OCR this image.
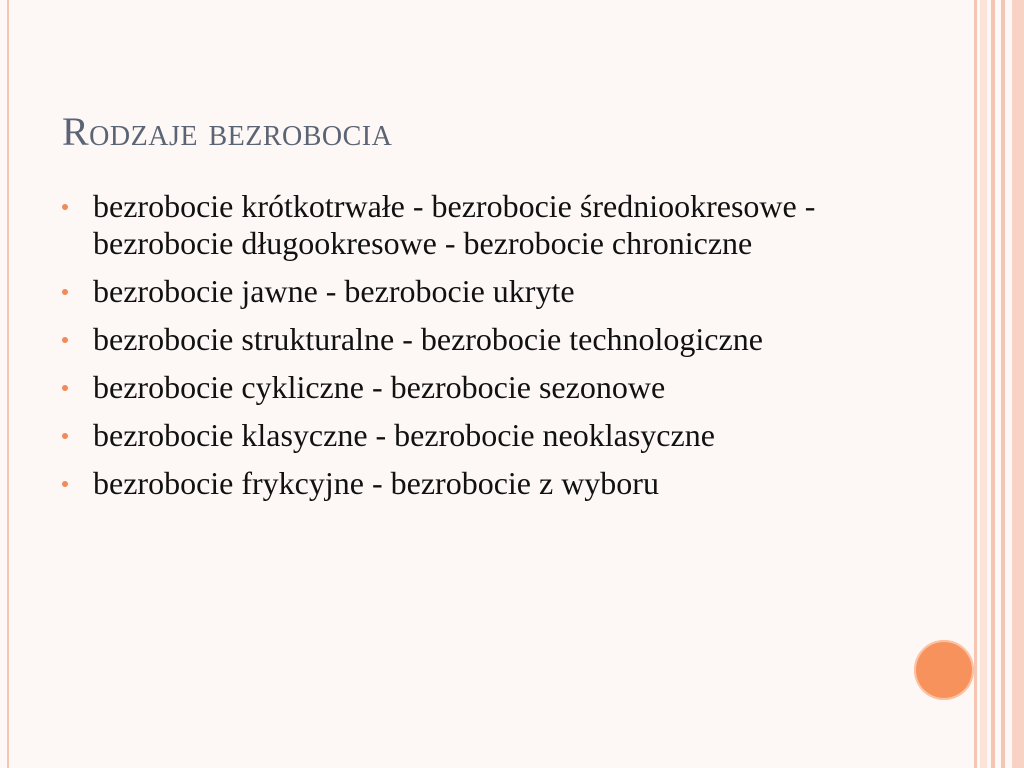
Rodzaje bezrobocia
bezrobocie krótkotrwałe - bezrobocie średniookresowe - bezrobocie długookresowe - bezrobocie chroniczne
bezrobocie jawne - bezrobocie ukryte
bezrobocie strukturalne - bezrobocie technologiczne
bezrobocie cykliczne - bezrobocie sezonowe
bezrobocie klasyczne - bezrobocie neoklasyczne
bezrobocie frykcyjne - bezrobocie z wyboru
